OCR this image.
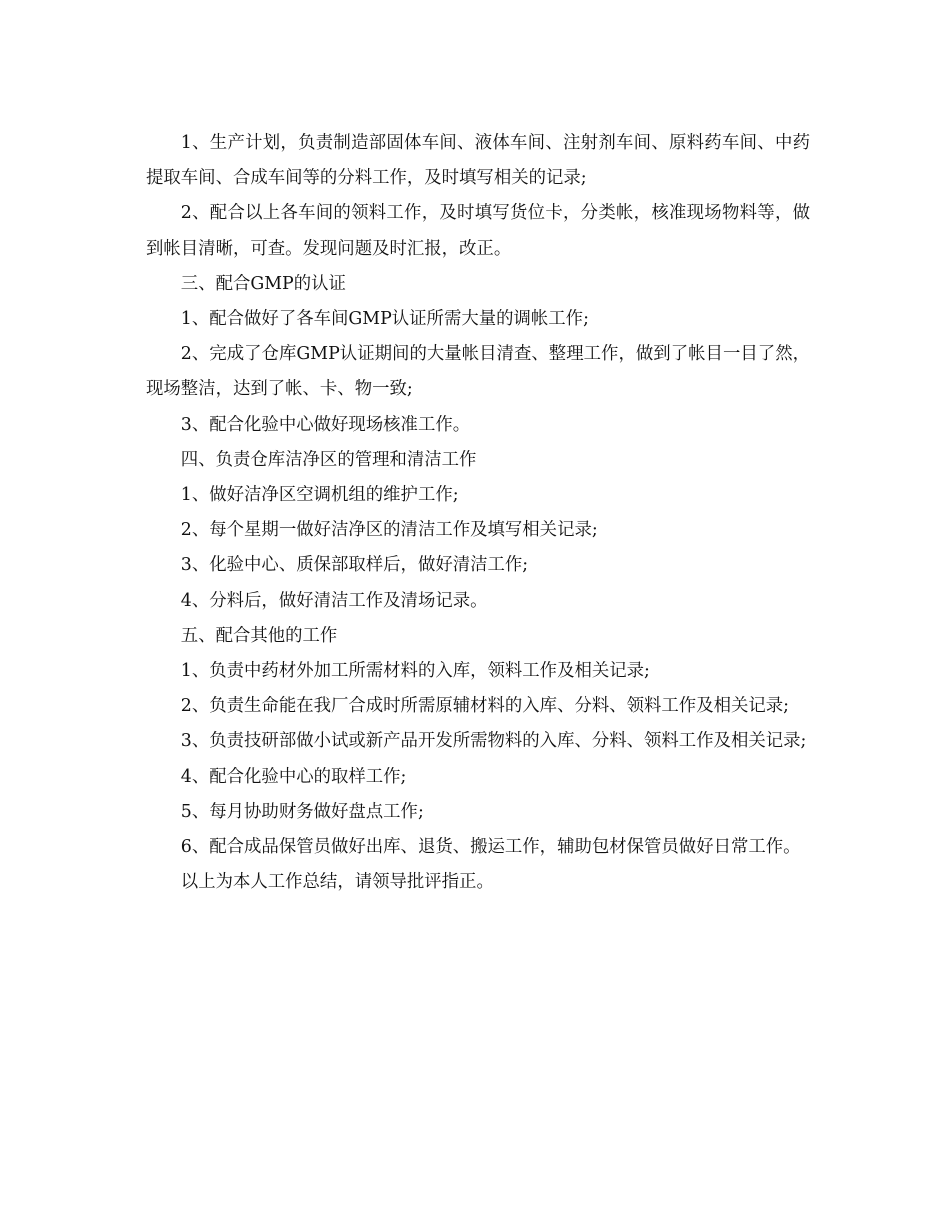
1、生产计划，负责制造部固体车间、液体车间、注射剂车间、原料药车间、中药提取车间、合成车间等的分料工作，及时填写相关的记录;

2、配合以上各车间的领料工作，及时填写货位卡，分类帐，核准现场物料等，做到帐目清晰，可查。发现问题及时汇报，改正。

三、配合GMP的认证

1、配合做好了各车间GMP认证所需大量的调帐工作;

2、完成了仓库GMP认证期间的大量帐目清查、整理工作，做到了帐目一目了然，现场整洁，达到了帐、卡、物一致;

3、配合化验中心做好现场核准工作。

四、负责仓库洁净区的管理和清洁工作

1、做好洁净区空调机组的维护工作;

2、每个星期一做好洁净区的清洁工作及填写相关记录;

3、化验中心、质保部取样后，做好清洁工作;

4、分料后，做好清洁工作及清场记录。

五、配合其他的工作

1、负责中药材外加工所需材料的入库，领料工作及相关记录;

2、负责生命能在我厂合成时所需原辅材料的入库、分料、领料工作及相关记录;

3、负责技研部做小试或新产品开发所需物料的入库、分料、领料工作及相关记录;

4、配合化验中心的取样工作;

5、每月协助财务做好盘点工作;

6、配合成品保管员做好出库、退货、搬运工作，辅助包材保管员做好日常工作。

以上为本人工作总结，请领导批评指正。
